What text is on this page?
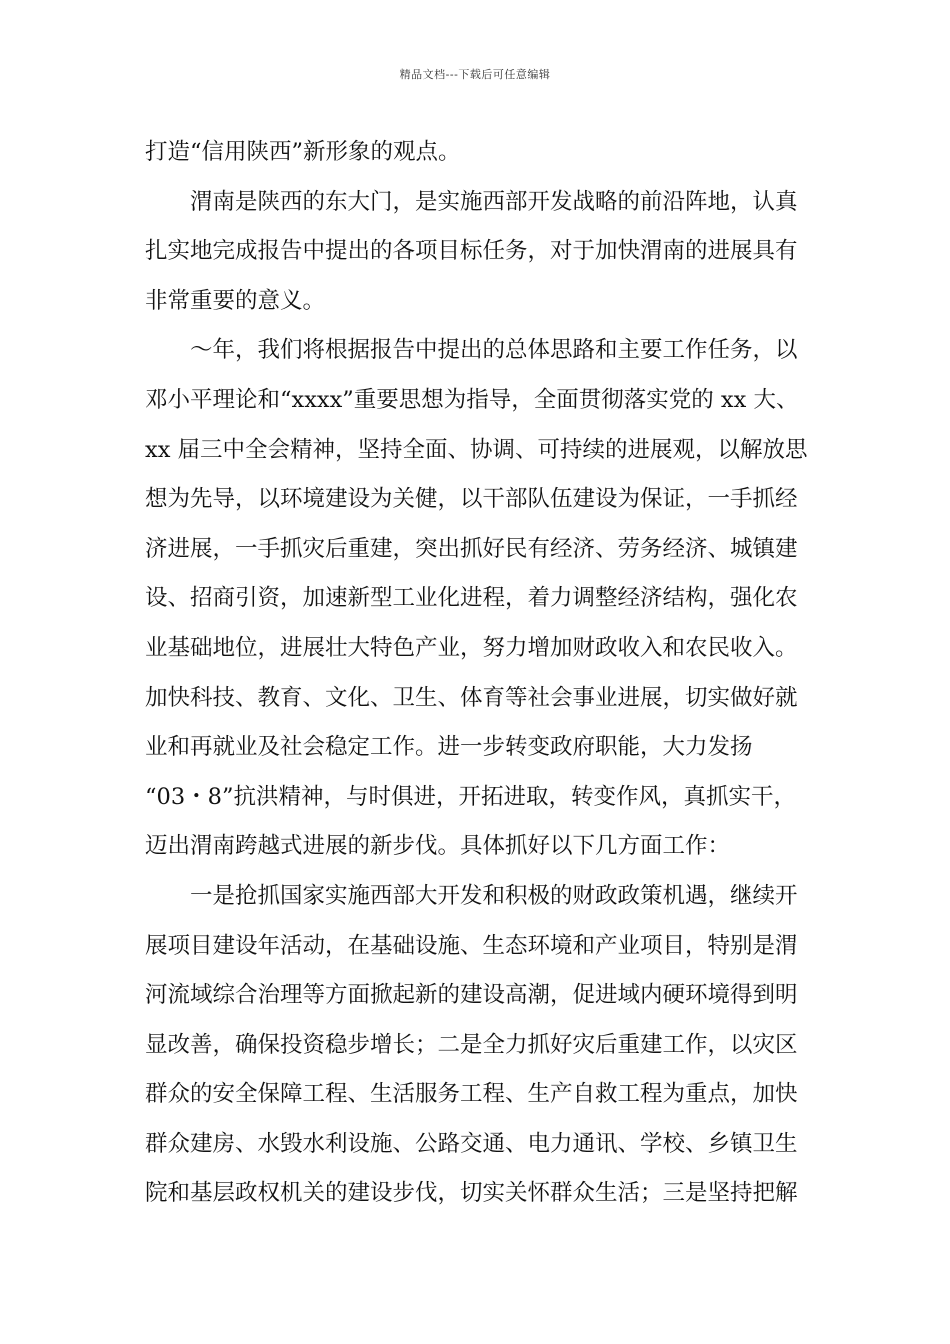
精品文档---下载后可任意编辑

打造“信用陕西”新形象的观点。

渭南是陕西的东大门，是实施西部开发战略的前沿阵地，认真

扎实地完成报告中提出的各项目标任务，对于加快渭南的进展具有

非常重要的意义。

～年，我们将根据报告中提出的总体思路和主要工作任务，以

邓小平理论和“xxxx”重要思想为指导，全面贯彻落实党的 xx 大、

xx 届三中全会精神，坚持全面、协调、可持续的进展观，以解放思

想为先导，以环境建设为关健，以干部队伍建设为保证，一手抓经

济进展，一手抓灾后重建，突出抓好民有经济、劳务经济、城镇建

设、招商引资，加速新型工业化进程，着力调整经济结构，强化农

业基础地位，进展壮大特色产业，努力增加财政收入和农民收入。

加快科技、教育、文化、卫生、体育等社会事业进展，切实做好就

业和再就业及社会稳定工作。进一步转变政府职能，大力发扬

“03・8”抗洪精神，与时俱进，开拓进取，转变作风，真抓实干，

迈出渭南跨越式进展的新步伐。具体抓好以下几方面工作：

一是抢抓国家实施西部大开发和积极的财政政策机遇，继续开

展项目建设年活动，在基础设施、生态环境和产业项目，特别是渭

河流域综合治理等方面掀起新的建设高潮，促进域内硬环境得到明

显改善，确保投资稳步增长；二是全力抓好灾后重建工作，以灾区

群众的安全保障工程、生活服务工程、生产自救工程为重点，加快

群众建房、水毁水利设施、公路交通、电力通讯、学校、乡镇卫生

院和基层政权机关的建设步伐，切实关怀群众生活；三是坚持把解
